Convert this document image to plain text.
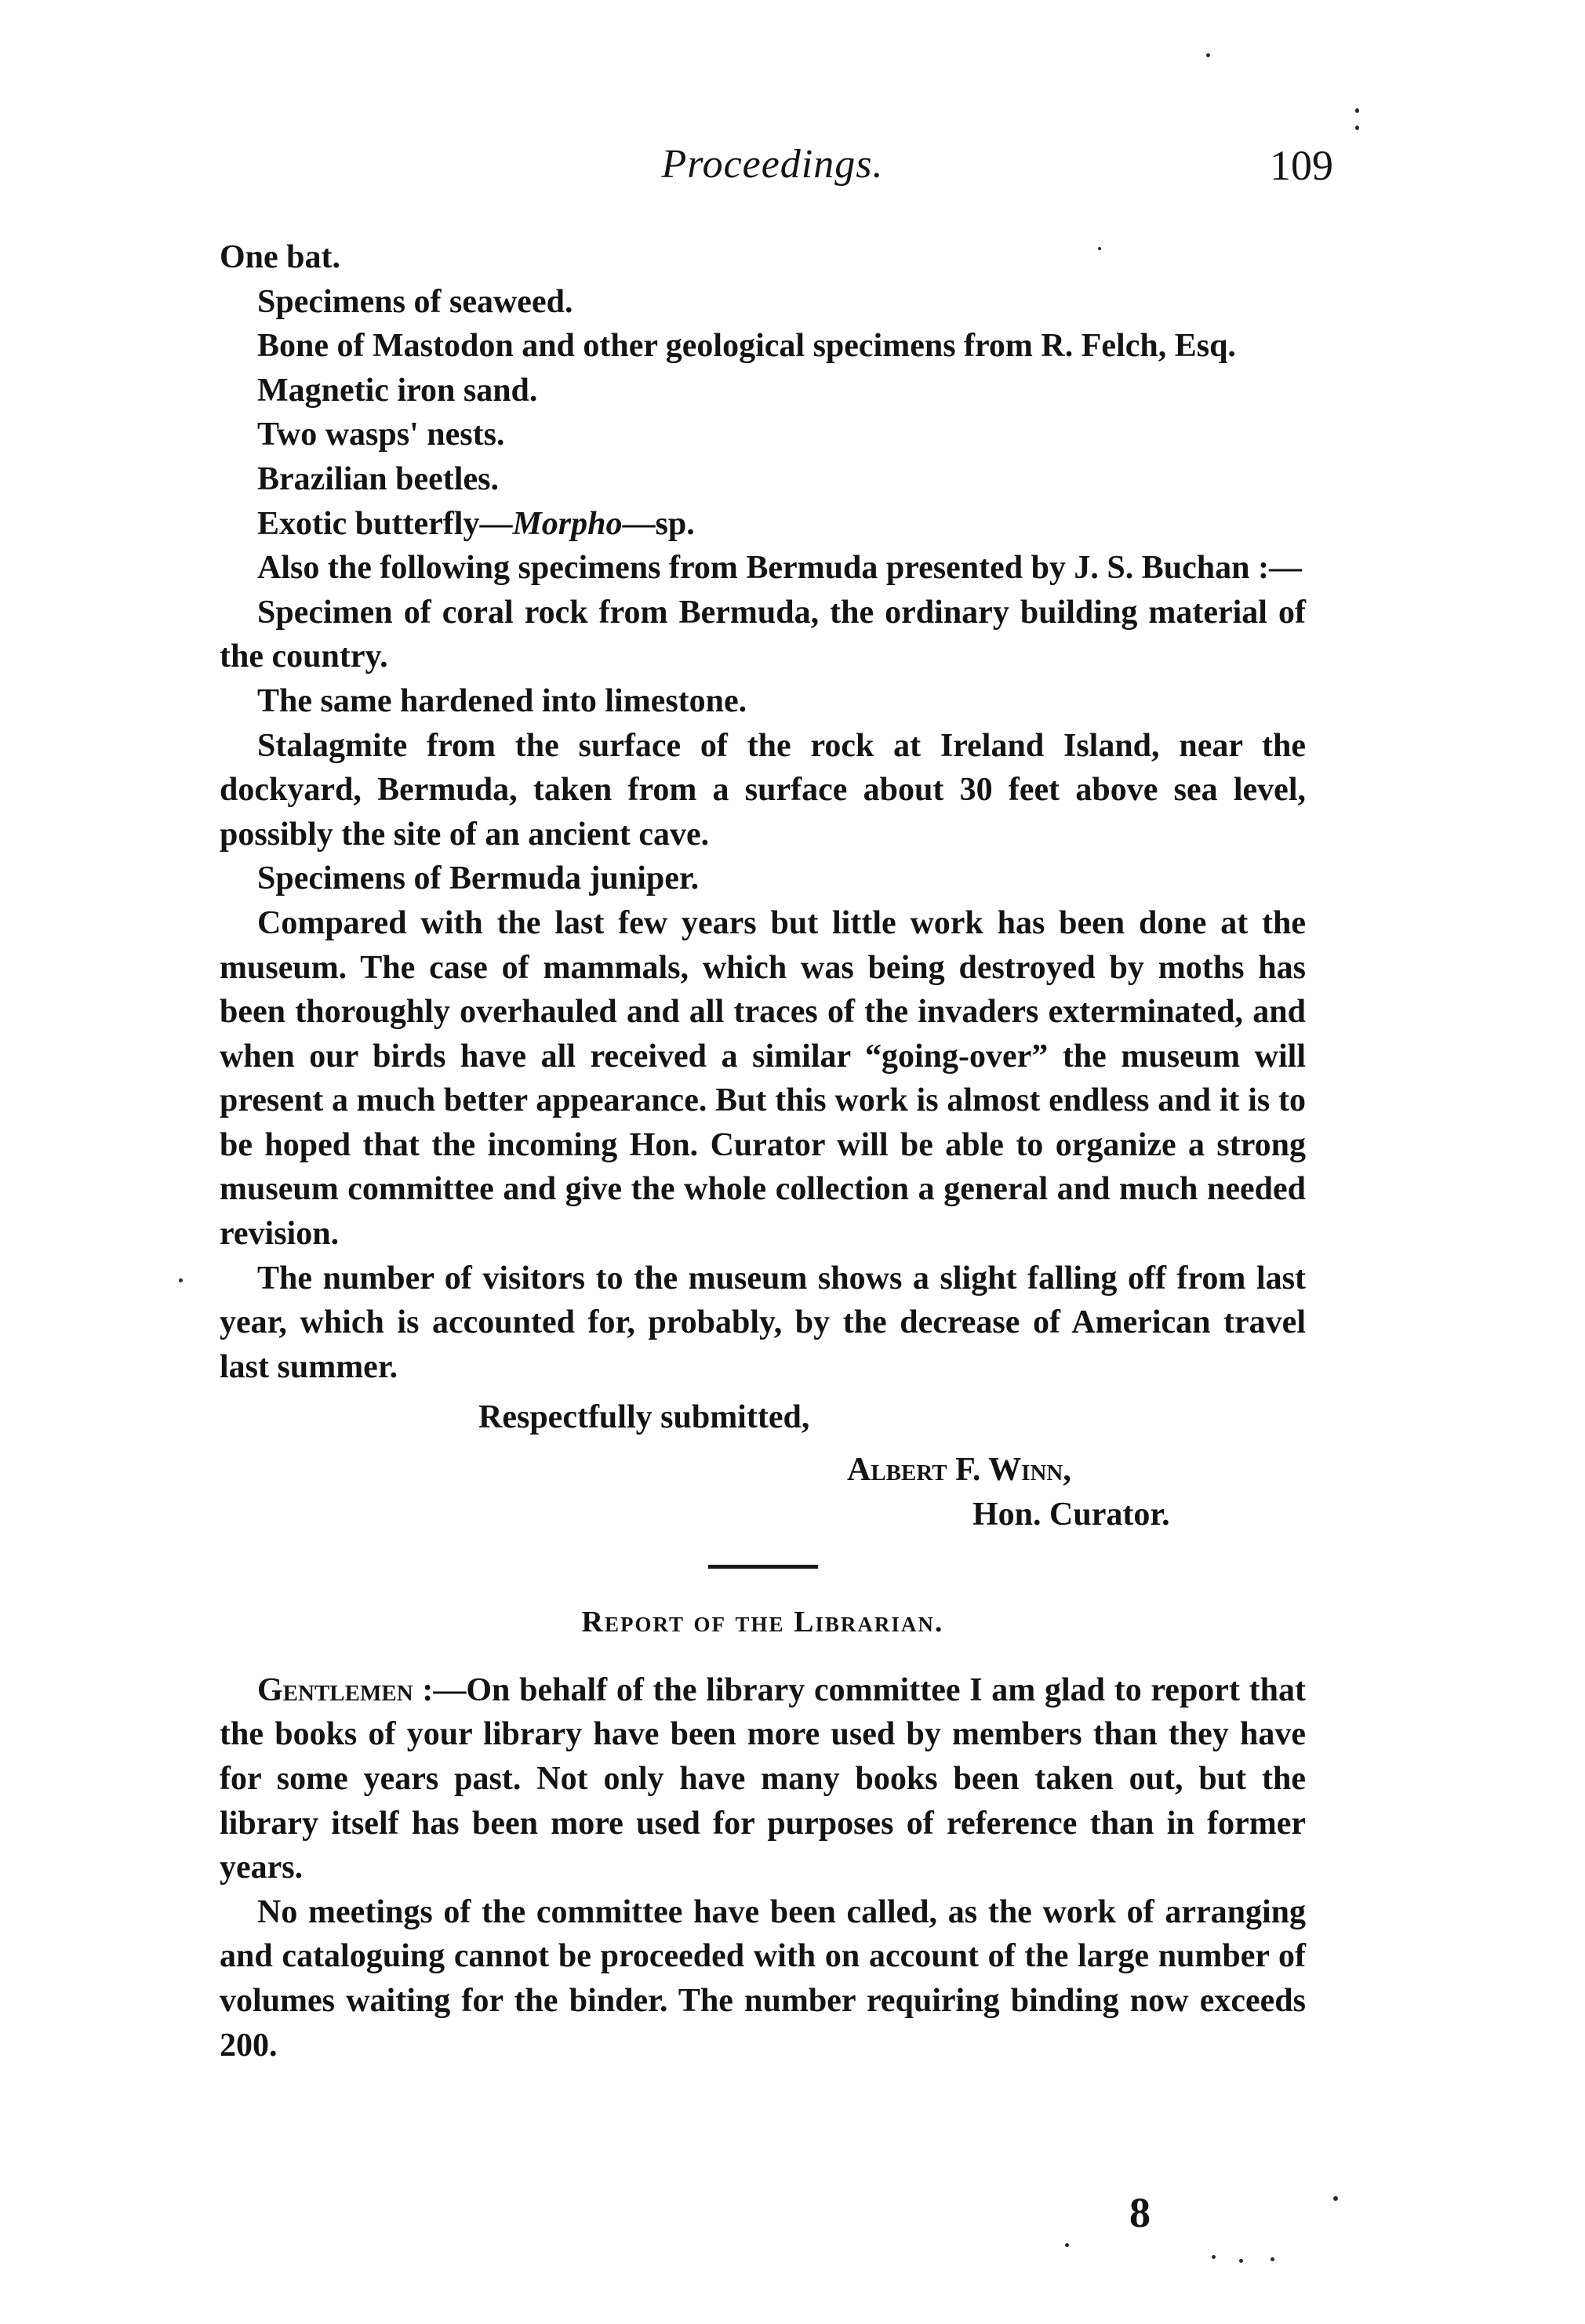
Proceedings.	109

One bat.

Specimens of seaweed.

Bone of Mastodon and other geological specimens from R. Felch, Esq.

Magnetic iron sand.

Two wasps' nests.

Brazilian beetles.

Exotic butterfly—Morpho—sp.

Also the following specimens from Bermuda presented by J. S. Buchan :—

Specimen of coral rock from Bermuda, the ordinary building material of the country.

The same hardened into limestone.

Stalagmite from the surface of the rock at Ireland Island, near the dockyard, Bermuda, taken from a surface about 30 feet above sea level, possibly the site of an ancient cave.

Specimens of Bermuda juniper.

Compared with the last few years but little work has been done at the museum. The case of mammals, which was being destroyed by moths has been thoroughly overhauled and all traces of the invaders exterminated, and when our birds have all received a similar “going-over” the museum will present a much better appearance. But this work is almost endless and it is to be hoped that the incoming Hon. Curator will be able to organize a strong museum committee and give the whole collection a general and much needed revision.

The number of visitors to the museum shows a slight falling off from last year, which is accounted for, probably, by the decrease of American travel last summer.

Respectfully submitted,

Albert F. Winn,

Hon. Curator.

Report of the Librarian.

Gentlemen :—On behalf of the library committee I am glad to report that the books of your library have been more used by members than they have for some years past. Not only have many books been taken out, but the library itself has been more used for purposes of reference than in former years.

No meetings of the committee have been called, as the work of arranging and cataloguing cannot be proceeded with on account of the large number of volumes waiting for the binder. The number requiring binding now exceeds 200.

8
